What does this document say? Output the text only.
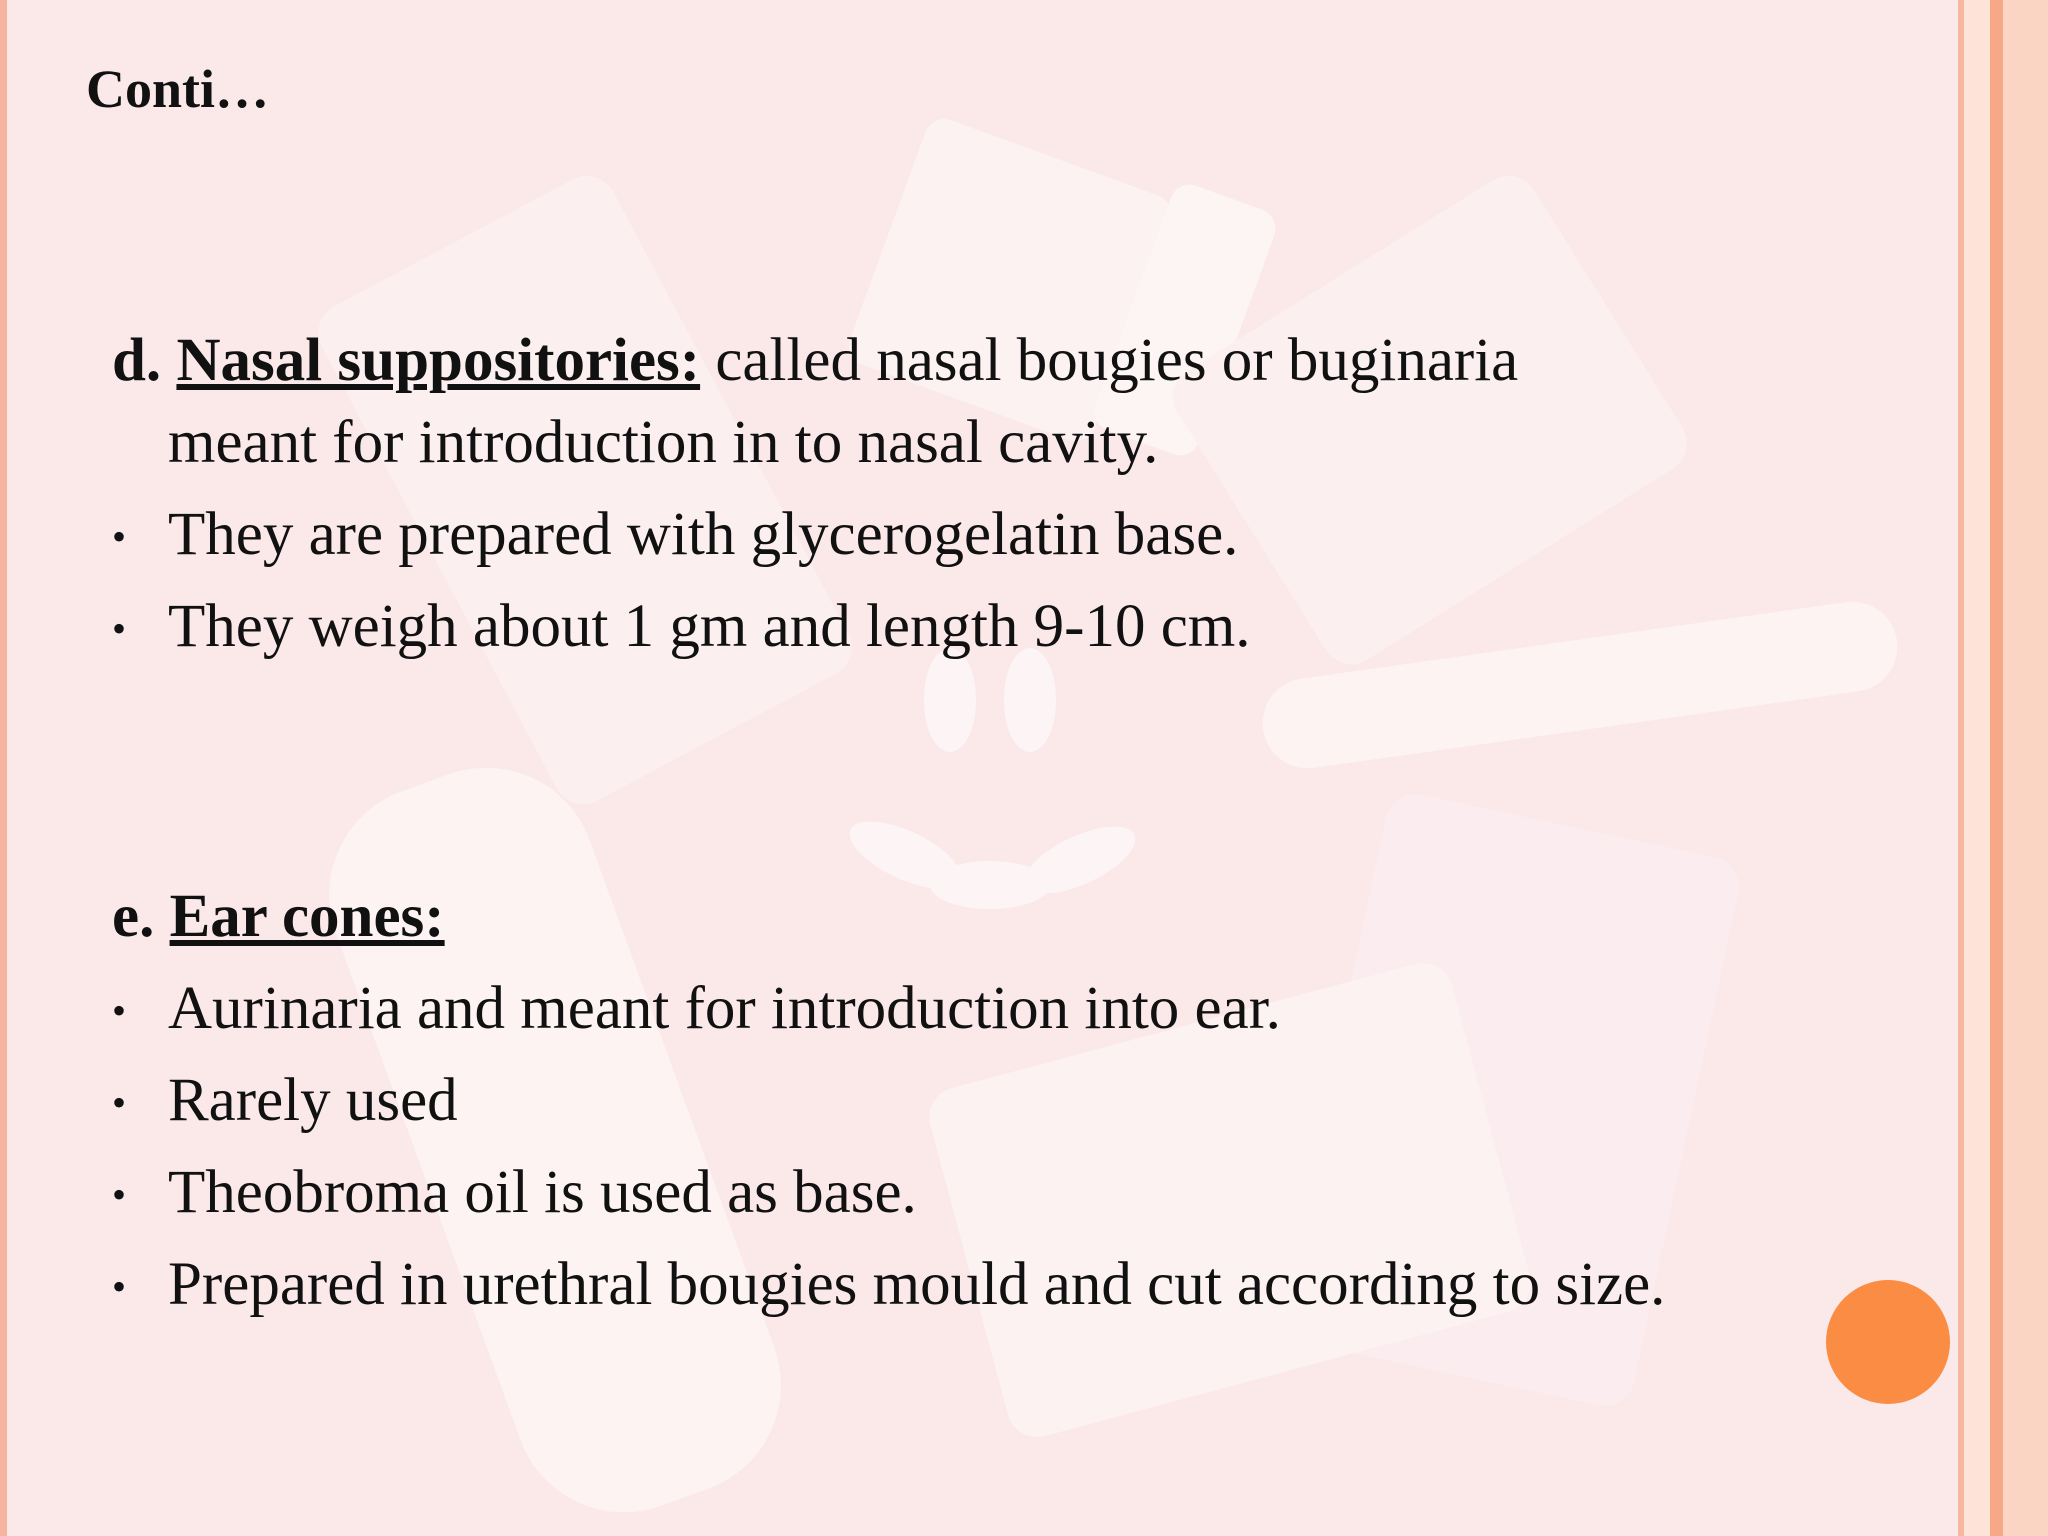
Conti…

d. Nasal suppositories: called nasal bougies or buginaria

meant for introduction in to nasal cavity.

• They are prepared with glycerogelatin base.
• They weigh about 1 gm and length 9-10 cm.

e. Ear cones:

• Aurinaria and meant for introduction into ear.
• Rarely used
• Theobroma oil is used as base.
• Prepared in urethral bougies mould and cut according to size.
